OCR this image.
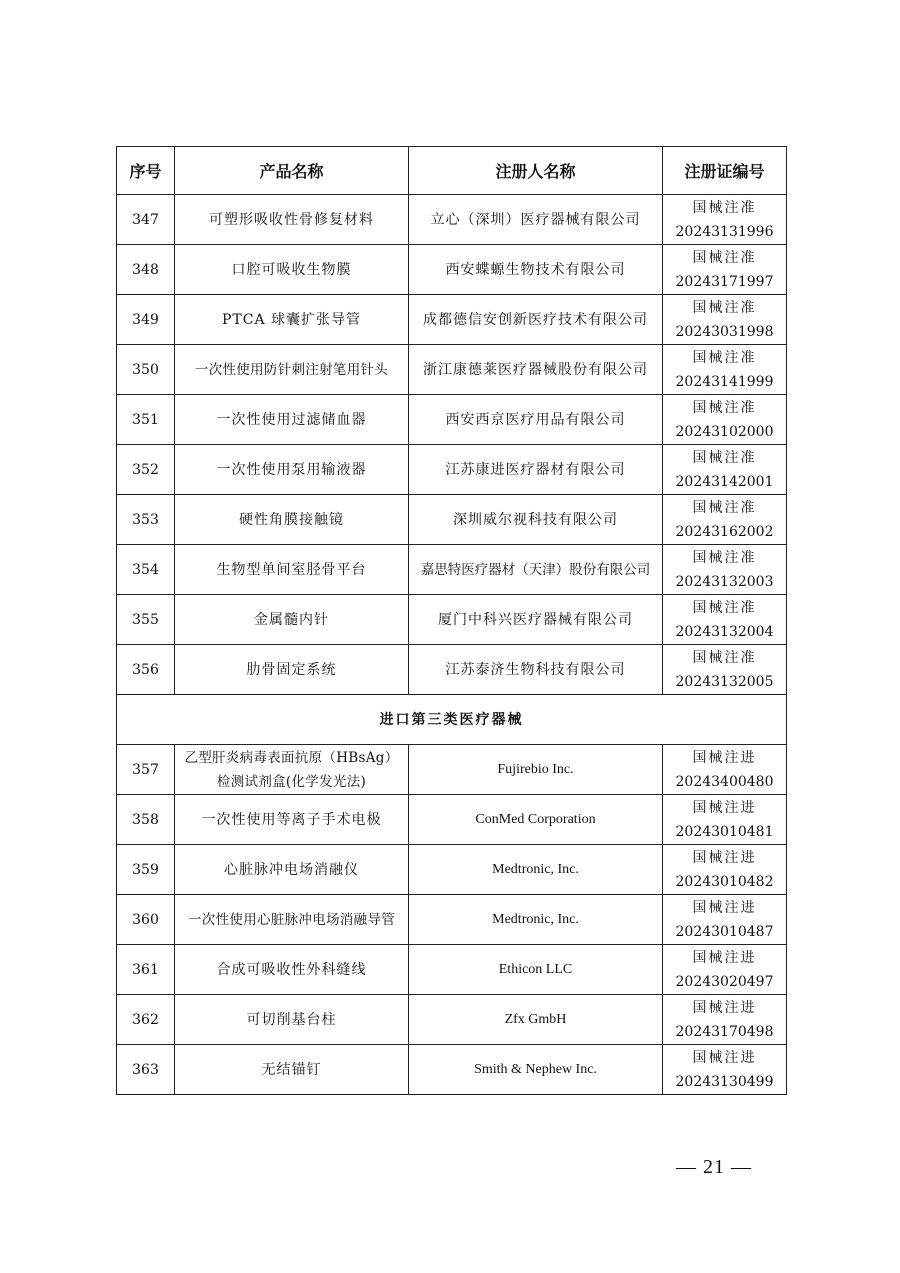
序号	产品名称	注册人名称	注册证编号
347	可塑形吸收性骨修复材料	立心（深圳）医疗器械有限公司	国械注准
20243131996

348	口腔可吸收生物膜	西安蝶螈生物技术有限公司	国械注准
20243171997

349	PTCA 球囊扩张导管	成都德信安创新医疗技术有限公司	国械注准
20243031998

350	一次性使用防针刺注射笔用针头	浙江康德莱医疗器械股份有限公司	国械注准
20243141999

351	一次性使用过滤储血器	西安西京医疗用品有限公司	国械注准
20243102000

352	一次性使用泵用输液器	江苏康进医疗器材有限公司	国械注准
20243142001

353	硬性角膜接触镜	深圳威尔视科技有限公司	国械注准
20243162002

354	生物型单间室胫骨平台	嘉思特医疗器材（天津）股份有限公司	国械注准
20243132003

355	金属髓内针	厦门中科兴医疗器械有限公司	国械注准
20243132004

356	肋骨固定系统	江苏泰济生物科技有限公司	国械注准
20243132005

进口第三类医疗器械			
357	乙型肝炎病毒表面抗原（HBsAg）
检测试剂盒(化学发光法)	Fujirebio Inc.	国械注进
20243400480

358	一次性使用等离子手术电极	ConMed Corporation	国械注进
20243010481

359	心脏脉冲电场消融仪	Medtronic, Inc.	国械注进
20243010482

360	一次性使用心脏脉冲电场消融导管	Medtronic, Inc.	国械注进
20243010487

361	合成可吸收性外科缝线	Ethicon LLC	国械注进
20243020497

362	可切削基台柱	Zfx GmbH	国械注进
20243170498

363	无结锚钉	Smith & Nephew Inc.	国械注进
20243130499
— 21 —
